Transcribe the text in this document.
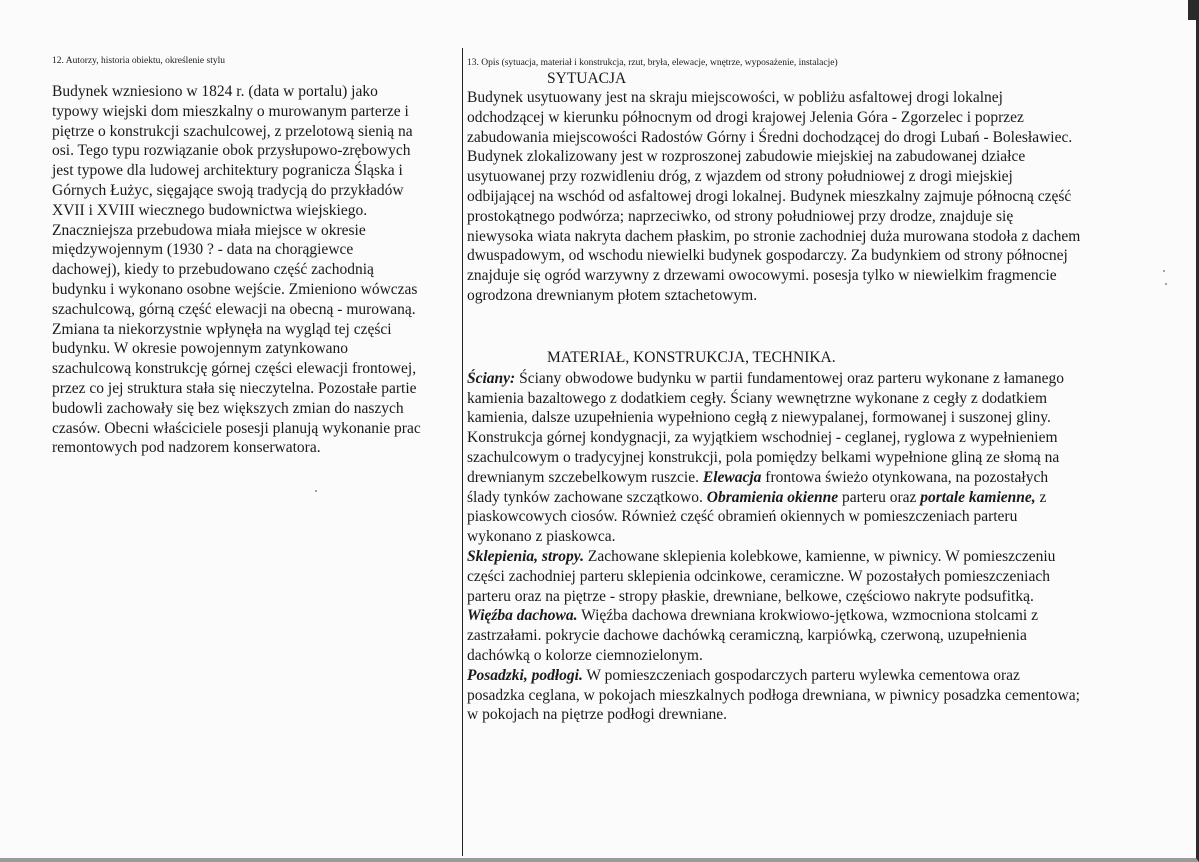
12. Autorzy, historia obiektu, określenie stylu
Budynek wzniesiono w 1824 r. (data w portalu) jako
typowy wiejski dom mieszkalny o murowanym parterze i
piętrze o konstrukcji szachulcowej, z przelotową sienią na
osi. Tego typu rozwiązanie obok przysłupowo-zrębowych
jest typowe dla ludowej architektury pogranicza Śląska i
Górnych Łużyc, sięgające swoją tradycją do przykładów
XVII i XVIII wiecznego budownictwa wiejskiego.
Znaczniejsza przebudowa miała miejsce w okresie
międzywojennym (1930 ? - data na chorągiewce
dachowej), kiedy to przebudowano część zachodnią
budynku i wykonano osobne wejście. Zmieniono wówczas
szachulcową, górną część elewacji na obecną - murowaną.
Zmiana ta niekorzystnie wpłynęła na wygląd tej części
budynku. W okresie powojennym zatynkowano
szachulcową konstrukcję górnej części elewacji frontowej,
przez co jej struktura stała się nieczytelna. Pozostałe partie
budowli zachowały się bez większych zmian do naszych
czasów. Obecni właściciele posesji planują wykonanie prac
remontowych pod nadzorem konserwatora.
13. Opis (sytuacja, materiał i konstrukcja, rzut, bryła, elewacje, wnętrze, wyposażenie, instalacje)
SYTUACJA
Budynek usytuowany jest na skraju miejscowości, w pobliżu asfaltowej drogi lokalnej
odchodzącej w kierunku północnym od drogi krajowej Jelenia Góra - Zgorzelec i poprzez
zabudowania miejscowości Radostów Górny i Średni dochodzącej do drogi Lubań - Bolesławiec.
Budynek zlokalizowany jest w rozproszonej zabudowie miejskiej na zabudowanej działce
usytuowanej przy rozwidleniu dróg, z wjazdem od strony południowej z drogi miejskiej
odbijającej na wschód od asfaltowej drogi lokalnej. Budynek mieszkalny zajmuje północną część
prostokątnego podwórza; naprzeciwko, od strony południowej przy drodze, znajduje się
niewysoka wiata nakryta dachem płaskim, po stronie zachodniej duża murowana stodoła z dachem
dwuspadowym, od wschodu niewielki budynek gospodarczy. Za budynkiem od strony północnej
znajduje się ogród warzywny z drzewami owocowymi. posesja tylko w niewielkim fragmencie
ogrodzona drewnianym płotem sztachetowym.
MATERIAŁ, KONSTRUKCJA, TECHNIKA.
Ściany: Ściany obwodowe budynku w partii fundamentowej oraz parteru wykonane z łamanego
kamienia bazaltowego z dodatkiem cegły. Ściany wewnętrzne wykonane z cegły z dodatkiem
kamienia, dalsze uzupełnienia wypełniono cegłą z niewypalanej, formowanej i suszonej gliny.
Konstrukcja górnej kondygnacji, za wyjątkiem wschodniej - ceglanej, ryglowa z wypełnieniem
szachulcowym o tradycyjnej konstrukcji, pola pomiędzy belkami wypełnione gliną ze słomą na
drewnianym szczebelkowym ruszcie. Elewacja frontowa świeżo otynkowana, na pozostałych
ślady tynków zachowane szczątkowo. Obramienia okienne parteru oraz portale kamienne, z
piaskowcowych ciosów. Również część obramień okiennych w pomieszczeniach parteru
wykonano z piaskowca.
Sklepienia, stropy. Zachowane sklepienia kolebkowe, kamienne, w piwnicy. W pomieszczeniu
części zachodniej parteru sklepienia odcinkowe, ceramiczne. W pozostałych pomieszczeniach
parteru oraz na piętrze - stropy płaskie, drewniane, belkowe, częściowo nakryte podsufitką.
Więźba dachowa. Więźba dachowa drewniana krokwiowo-jętkowa, wzmocniona stolcami z
zastrzałami. pokrycie dachowe dachówką ceramiczną, karpiówką, czerwoną, uzupełnienia
dachówką o kolorze ciemnozielonym.
Posadzki, podłogi. W pomieszczeniach gospodarczych parteru wylewka cementowa oraz
posadzka ceglana, w pokojach mieszkalnych podłoga drewniana, w piwnicy posadzka cementowa;
w pokojach na piętrze podłogi drewniane.
